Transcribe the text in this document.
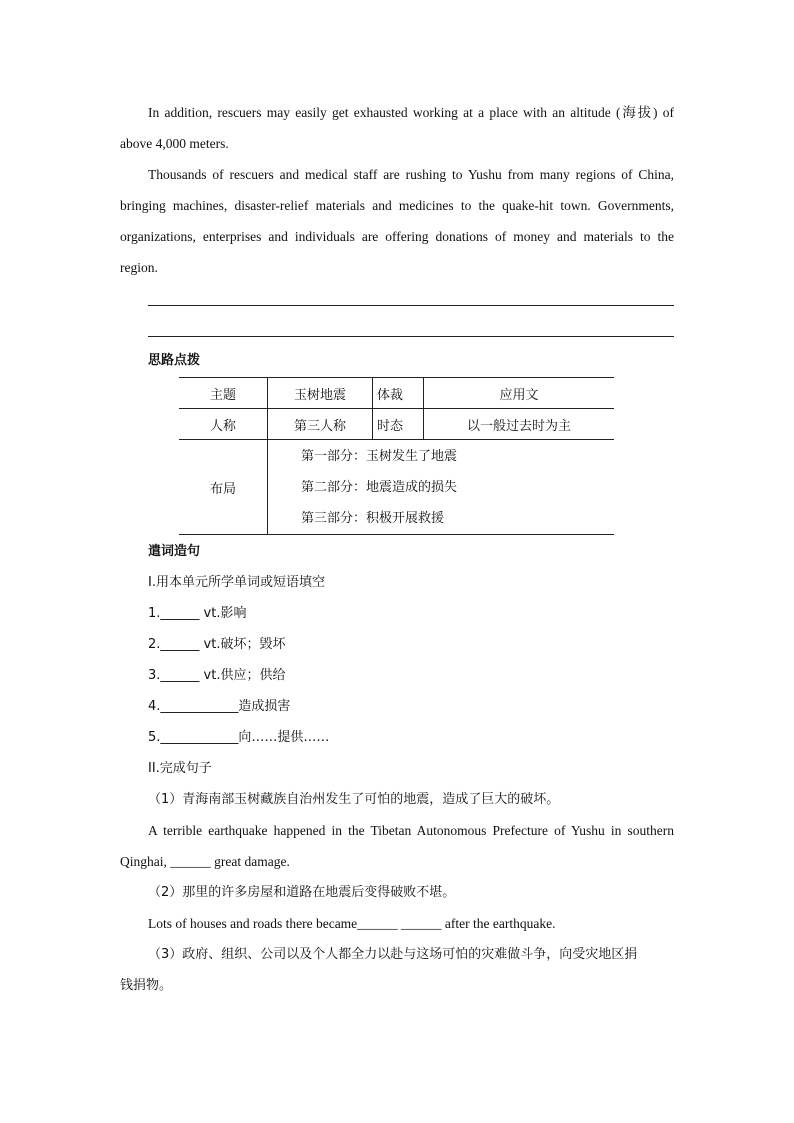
In addition, rescuers may easily get exhausted working at a place with an altitude (海拔) of
above 4,000 meters.
Thousands of rescuers and medical staff are rushing to Yushu from many regions of China,
bringing machines, disaster-relief materials and medicines to the quake-hit town. Governments,
organizations, enterprises and individuals are offering donations of money and materials to the
region.
思路点拨
主题	玉树地震	体裁	应用文
人称	第三人称	时态	以一般过去时为主
布局	第一部分：玉树发生了地震
第二部分：地震造成的损失
第三部分：积极开展救援		
遣词造句
I.用本单元所学单词或短语填空
1.______ vt.影响
2.______ vt.破坏；毁坏
3.______ vt.供应；供给
4.____________造成损害
5.____________向……提供……
II.完成句子
（1）青海南部玉树藏族自治州发生了可怕的地震，造成了巨大的破坏。
A terrible earthquake happened in the Tibetan Autonomous Prefecture of Yushu in southern
Qinghai, ______ great damage.
（2）那里的许多房屋和道路在地震后变得破败不堪。
Lots of houses and roads there became______ ______ after the earthquake.
（3）政府、组织、公司以及个人都全力以赴与这场可怕的灾难做斗争，向受灾地区捐
钱捐物。
